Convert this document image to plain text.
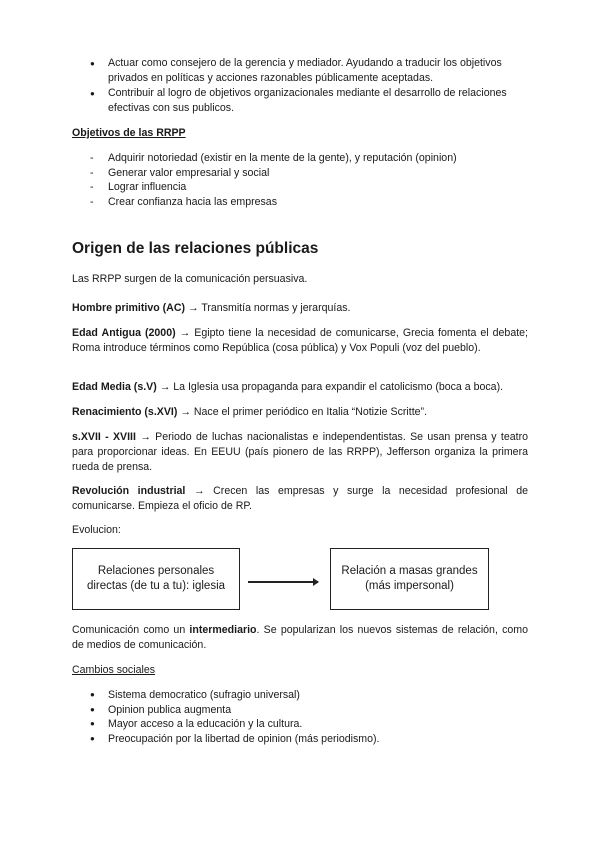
● Actuar como consejero de la gerencia y mediador. Ayudando a traducir los objetivos privados en políticas y acciones razonables públicamente aceptadas.
● Contribuir al logro de objetivos organizacionales mediante el desarrollo de relaciones efectivas con sus publicos.

Objetivos de las RRPP

- Adquirir notoriedad (existir en la mente de la gente), y reputación (opinion)
- Generar valor empresarial y social
- Lograr influencia
- Crear confianza hacia las empresas
Origen de las relaciones públicas

Las RRPP surgen de la comunicación persuasiva.

Hombre primitivo (AC) → Transmitía normas y jerarquías.

Edad Antigua (2000) → Egipto tiene la necesidad de comunicarse, Grecia fomenta el debate; Roma introduce términos como República (cosa pública) y Vox Populi (voz del pueblo).

Edad Media (s.V) → La Iglesia usa propaganda para expandir el catolicismo (boca a boca).

Renacimiento (s.XVI) → Nace el primer periódico en Italia “Notizie Scritte”.

s.XVII - XVIII → Periodo de luchas nacionalistas e independentistas. Se usan prensa y teatro para proporcionar ideas. En EEUU (país pionero de las RRPP), Jefferson organiza la primera rueda de prensa.

Revolución industrial → Crecen las empresas y surge la necesidad profesional de comunicarse. Empieza el oficio de RP.

Evolucion:

Relaciones personales directas (de tu a tu): iglesia
Relación a masas grandes (más impersonal)

Comunicación como un intermediario. Se popularizan los nuevos sistemas de relación, como de medios de comunicación.

Cambios sociales

● Sistema democratico (sufragio universal)
● Opinion publica augmenta
● Mayor acceso a la educación y la cultura.
● Preocupación por la libertad de opinion (más periodismo).
